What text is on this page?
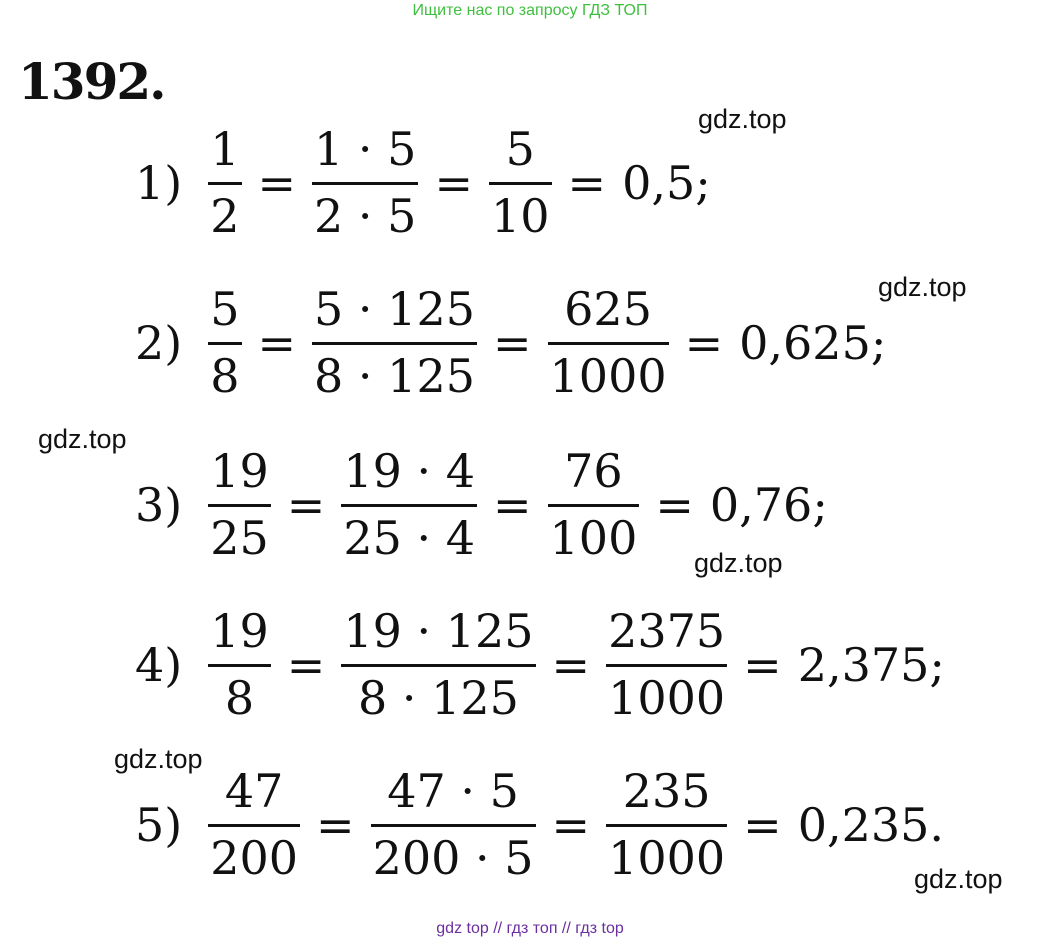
Ищите нас по запросу ГДЗ ТОП
1392.
gdz.top
gdz.top
gdz.top
gdz.top
gdz.top
gdz.top
$1) \frac{1}{2} = \frac{1 \cdot 5}{2 \cdot 5} = \frac{5}{10} = 0,5$;
$2) \frac{5}{8} = \frac{5 \cdot 125}{8 \cdot 125} = \frac{625}{1000} = 0,625$;
$3) \frac{19}{25} = \frac{19 \cdot 4}{25 \cdot 4} = \frac{76}{100} = 0,76$;
$4) \frac{19}{8} = \frac{19 \cdot 125}{8 \cdot 125} = \frac{2375}{1000} = 2,375$;
$5) \frac{47}{200} = \frac{47 \cdot 5}{200 \cdot 5} = \frac{235}{1000} = 0,235$.
gdz top // гдз топ // гдз top
